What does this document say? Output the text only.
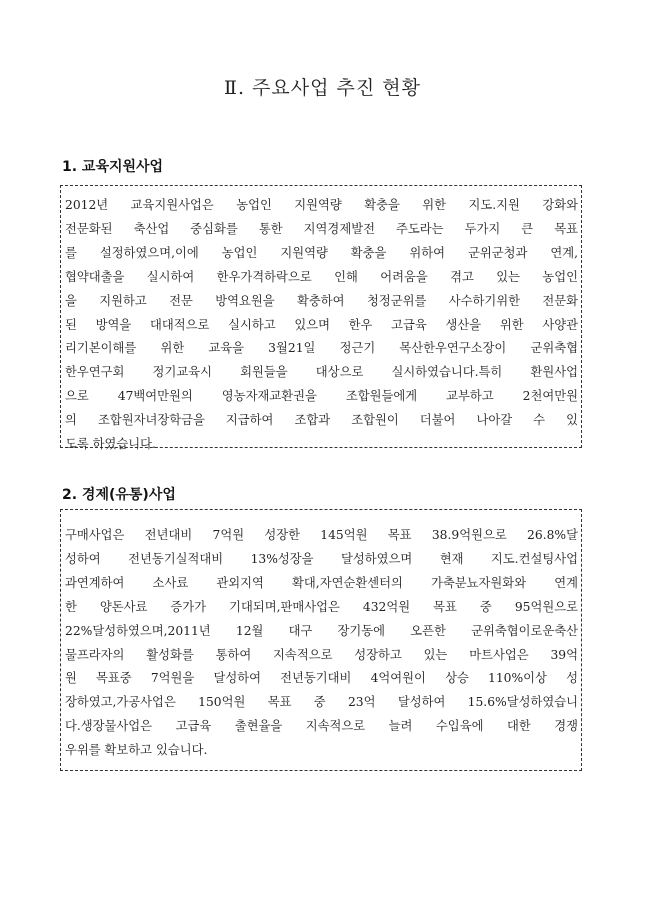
Ⅱ. 주요사업 추진 현황
1. 교육지원사업
2012년 교육지원사업은 농업인 지원역량 확충을 위한 지도.지원 강화와
전문화된 축산업 중심화를 통한 지역경제발전 주도라는 두가지 큰 목표
를 설정하였으며,이에 농업인 지원역량 확충을 위하여 군위군청과 연계,
협약대출을 실시하여 한우가격하락으로 인해 어려움을 겪고 있는 농업인
을 지원하고 전문 방역요원을 확충하여 청정군위를 사수하기위한 전문화
된 방역을 대대적으로 실시하고 있으며 한우 고급육 생산을 위한 사양관
리기본이해를 위한 교육을 3월21일 정근기 목산한우연구소장이 군위축협
한우연구회 정기교육시 회원들을 대상으로 실시하였습니다.특히 환원사업
으로 47백여만원의 영농자재교환권을 조합원들에게 교부하고 2천여만원
의 조합원자녀장학금을 지급하여 조합과 조합원이 더불어 나아갈 수 있
도록 하였습니다.
2. 경제(유통)사업
구매사업은 전년대비 7억원 성장한 145억원 목표 38.9억원으로 26.8%달
성하여 전년동기실적대비 13%성장을 달성하였으며 현재 지도.컨설팅사업
과연계하여 소사료 관외지역 확대,자연순환센터의 가축분뇨자원화와 연계
한 양돈사료 증가가 기대되며,판매사업은 432억원 목표 중 95억원으로
22%달성하였으며,2011년 12월 대구 장기동에 오픈한 군위축협이로운축산
물프라자의 활성화를 통하여 지속적으로 성장하고 있는 마트사업은 39억
원 목표중 7억원을 달성하여 전년동기대비 4억여원이 상승 110%이상 성
장하였고,가공사업은 150억원 목표 중 23억 달성하여 15.6%달성하였습니
다.생장물사업은 고급육 출현율을 지속적으로 늘려 수입육에 대한 경쟁
우위를 확보하고 있습니다.
